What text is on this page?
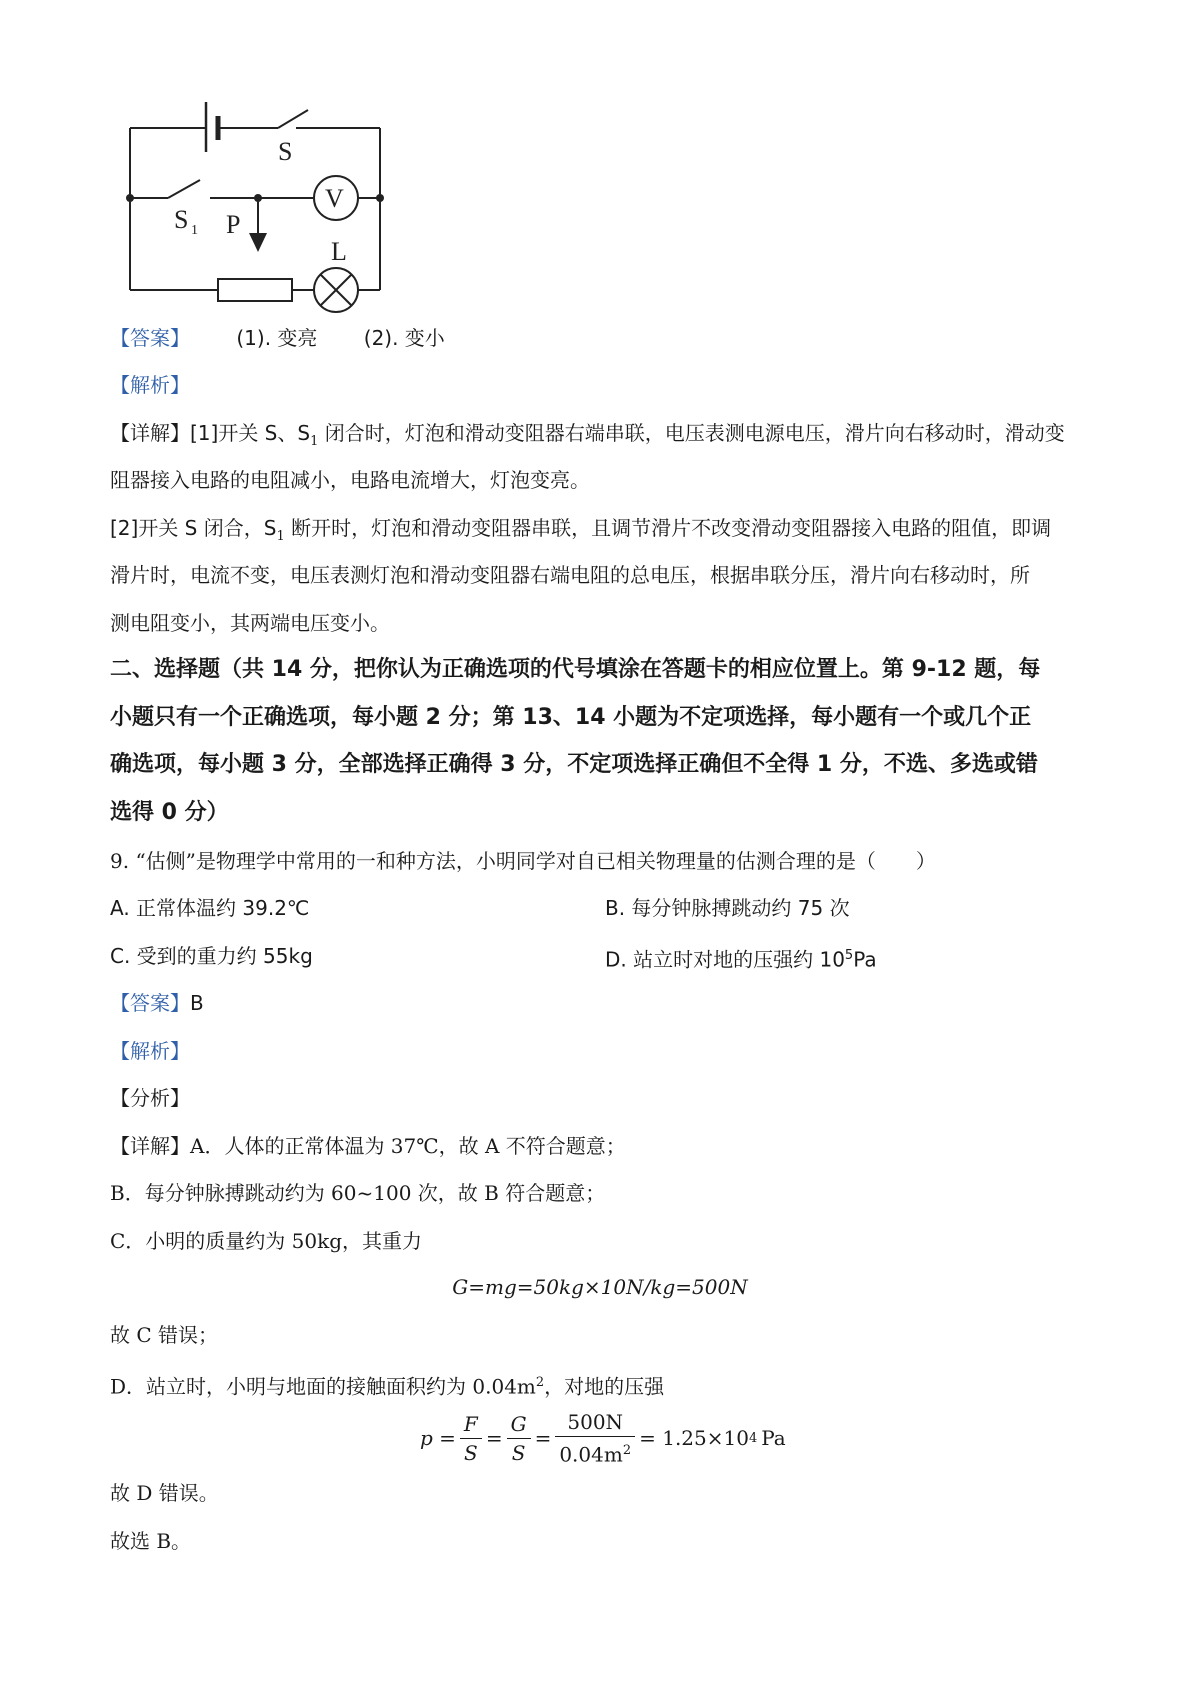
S
S 1 P
V
L
【答案】 (1). 变亮 (2). 变小
【解析】
【详解】[1]开关 S、$S_1$ 闭合时，灯泡和滑动变阻器右端串联，电压表测电源电压，滑片向右移动时，滑动变
阻器接入电路的电阻减小，电路电流增大，灯泡变亮。
[2]开关 S 闭合，$S_1$ 断开时，灯泡和滑动变阻器串联，且调节滑片不改变滑动变阻器接入电路的阻值，即调
滑片时，电流不变，电压表测灯泡和滑动变阻器右端电阻的总电压，根据串联分压，滑片向右移动时，所
测电阻变小，其两端电压变小。
二、选择题（共 14 分，把你认为正确选项的代号填涂在答题卡的相应位置上。第 9-12 题，每
小题只有一个正确选项，每小题 2 分；第 13、14 小题为不定项选择，每小题有一个或几个正
确选项，每小题 3 分，全部选择正确得 3 分，不定项选择正确但不全得 1 分，不选、多选或错
选得 0 分）
9. “估侧”是物理学中常用的一和种方法，小明同学对自已相关物理量的估测合理的是（　　）
A. 正常体温约 39.2℃	B. 每分钟脉搏跳动约 75 次
C. 受到的重力约 55kg	D. 站立时对地的压强约 $10^5Pa$
【答案】B
【解析】
【分析】
【详解】A．人体的正常体温为 37℃，故 A 不符合题意；
B．每分钟脉搏跳动约为 60~100 次，故 B 符合题意；
C．小明的质量约为 50kg，其重力
G=mg=50kg×10N/kg=500N
故 C 错误；
D．站立时，小明与地面的接触面积约为 $0.04m^2$，对地的压强
$p = \frac{F}{S} = \frac{G}{S} = \frac{500N}{0.04m^2} = 1.25\times 10$ 4 Pa
故 D 错误。
故选 B。
